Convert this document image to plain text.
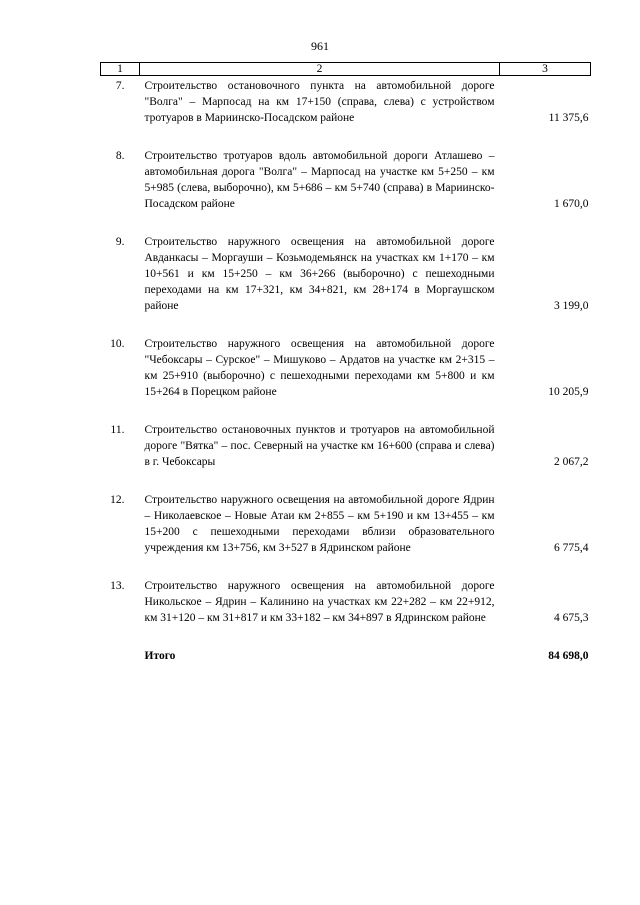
961
1	2	3
7.	Строительство остановочного пункта на автомобильной дороге "Волга" – Марпосад на км 17+150 (справа, слева) с устройством тротуаров в Мариинско-Посадском районе	11 375,6
8.	Строительство тротуаров вдоль автомобильной дороги Атлашево – автомобильная дорога "Волга" – Марпосад на участке км 5+250 – км 5+985 (слева, выборочно), км 5+686 – км 5+740 (справа) в Мариинско-Посадском районе	1 670,0
9.	Строительство наружного освещения на автомобильной дороге Авданкасы – Моргауши – Козьмодемьянск на участках км 1+170 – км 10+561 и км 15+250 – км 36+266 (выборочно) с пешеходными переходами на км 17+321, км 34+821, км 28+174 в Моргаушском районе	3 199,0
10.	Строительство наружного освещения на автомобильной дороге "Чебоксары – Сурское" – Мишуково – Ардатов на участке км 2+315 – км 25+910 (выборочно) с пешеходными переходами км 5+800 и км 15+264 в Порецком районе	10 205,9
11.	Строительство остановочных пунктов и тротуаров на автомобильной дороге "Вятка" – пос. Северный на участке км 16+600 (справа и слева) в г. Чебоксары	2 067,2
12.	Строительство наружного освещения на автомобильной дороге Ядрин – Николаевское – Новые Атаи км 2+855 – км 5+190 и км 13+455 – км 15+200 с пешеходными переходами вблизи образовательного учреждения км 13+756, км 3+527 в Ядринском районе	6 775,4
13.	Строительство наружного освещения на автомобильной дороге Никольское – Ядрин – Калинино на участках км 22+282 – км 22+912, км 31+120 – км 31+817 и км 33+182 – км 34+897 в Ядринском районе	4 675,3
	Итого	84 698,0
